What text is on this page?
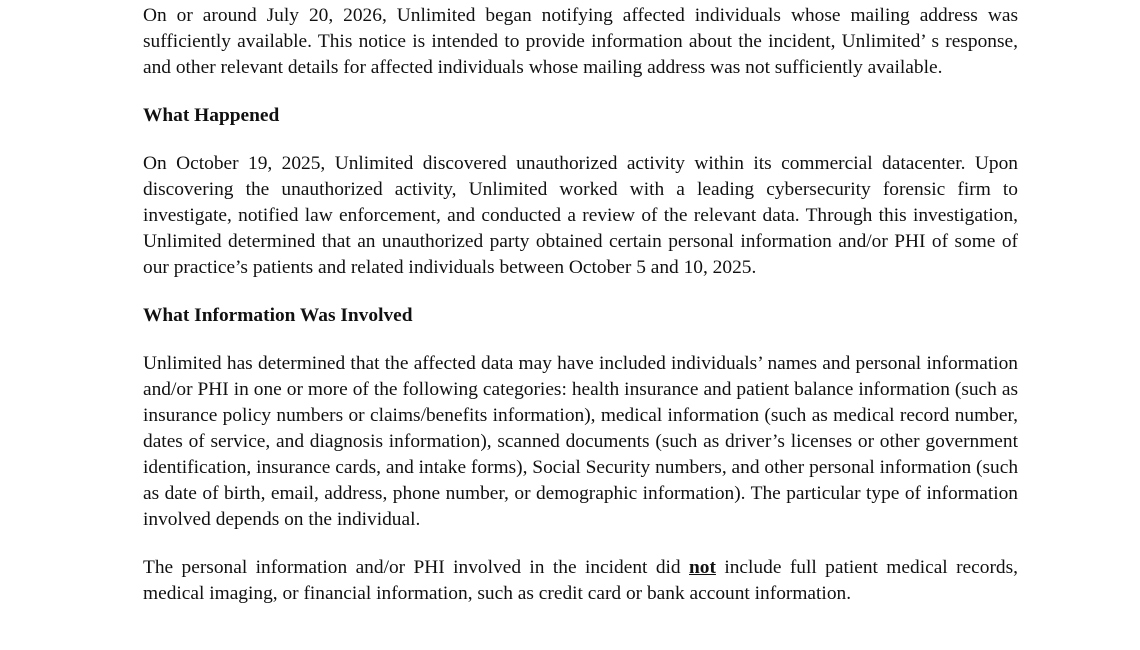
On or around July 20, 2026, Unlimited began notifying affected individuals whose mailing address was sufficiently available. This notice is intended to provide information about the incident, Unlimited’ s response, and other relevant details for affected individuals whose mailing address was not sufficiently available.

What Happened

On October 19, 2025, Unlimited discovered unauthorized activity within its commercial datacenter. Upon discovering the unauthorized activity, Unlimited worked with a leading cybersecurity forensic firm to investigate, notified law enforcement, and conducted a review of the relevant data. Through this investigation, Unlimited determined that an unauthorized party obtained certain personal information and/or PHI of some of our practice’s patients and related individuals between October 5 and 10, 2025.

What Information Was Involved

Unlimited has determined that the affected data may have included individuals’ names and personal information and/or PHI in one or more of the following categories: health insurance and patient balance information (such as insurance policy numbers or claims/benefits information), medical information (such as medical record number, dates of service, and diagnosis information), scanned documents (such as driver’s licenses or other government identification, insurance cards, and intake forms), Social Security numbers, and other personal information (such as date of birth, email, address, phone number, or demographic information). The particular type of information involved depends on the individual.

The personal information and/or PHI involved in the incident did not include full patient medical records, medical imaging, or financial information, such as credit card or bank account information.
